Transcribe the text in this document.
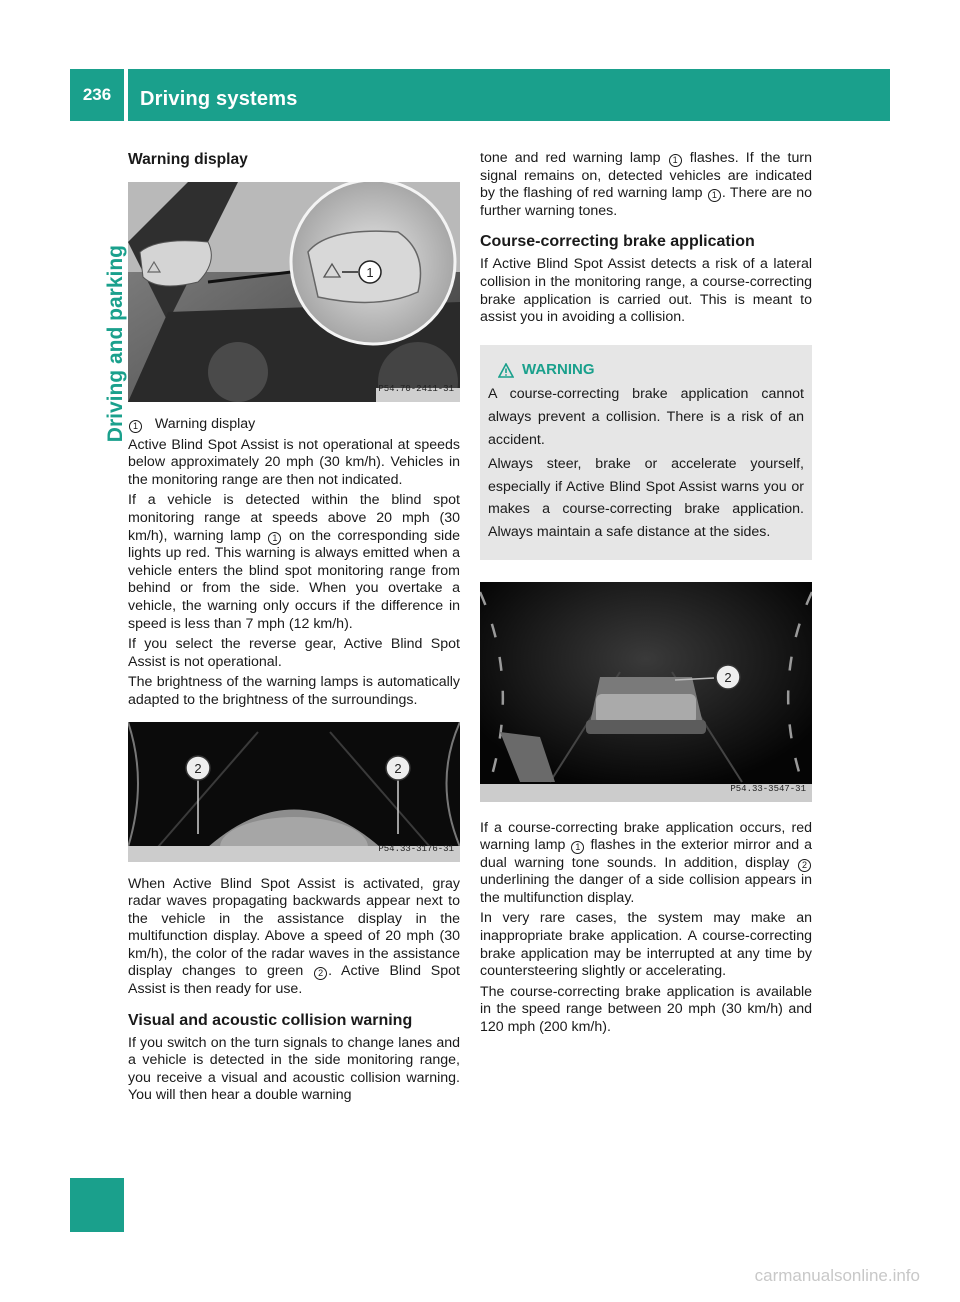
236	Driving systems
Driving and parking
Warning display
1
P54.70-2411-31

1 Warning display

Active Blind Spot Assist is not operational at speeds below approximately 20 mph (30 km/h). Vehicles in the monitoring range are then not indicated.

If a vehicle is detected within the blind spot monitoring range at speeds above 20 mph (30 km/h), warning lamp 1 on the corresponding side lights up red. This warning is always emitted when a vehicle enters the blind spot monitoring range from behind or from the side. When you overtake a vehicle, the warning only occurs if the difference in speed is less than 7 mph (12 km/h).

If you select the reverse gear, Active Blind Spot Assist is not operational.

The brightness of the warning lamps is automatically adapted to the brightness of the surroundings.

2	2
P54.33-3176-31

When Active Blind Spot Assist is activated, gray radar waves propagating backwards appear next to the vehicle in the assistance display in the multifunction display. Above a speed of 20 mph (30 km/h), the color of the radar waves in the assistance display changes to green 2 . Active Blind Spot Assist is then ready for use.

Visual and acoustic collision warning

If you switch on the turn signals to change lanes and a vehicle is detected in the side monitoring range, you receive a visual and acoustic collision warning. You will then hear a double warning

tone and red warning lamp 1 flashes. If the turn signal remains on, detected vehicles are indicated by the flashing of red warning lamp 1 . There are no further warning tones.

Course-correcting brake application

If Active Blind Spot Assist detects a risk of a lateral collision in the monitoring range, a course-correcting brake application is carried out. This is meant to assist you in avoiding a collision.

WARNING

A course-correcting brake application cannot always prevent a collision. There is a risk of an accident.

Always steer, brake or accelerate yourself, especially if Active Blind Spot Assist warns you or makes a course-correcting brake application. Always maintain a safe distance at the sides.

2
P54.33-3547-31

If a course-correcting brake application occurs, red warning lamp 1 flashes in the exterior mirror and a dual warning tone sounds. In addition, display 2 underlining the danger of a side collision appears in the multifunction display.

In very rare cases, the system may make an inappropriate brake application. A course-correcting brake application may be interrupted at any time by countersteering slightly or accelerating.

The course-correcting brake application is available in the speed range between 20 mph (30 km/h) and 120 mph (200 km/h).

carmanualsonline.info
